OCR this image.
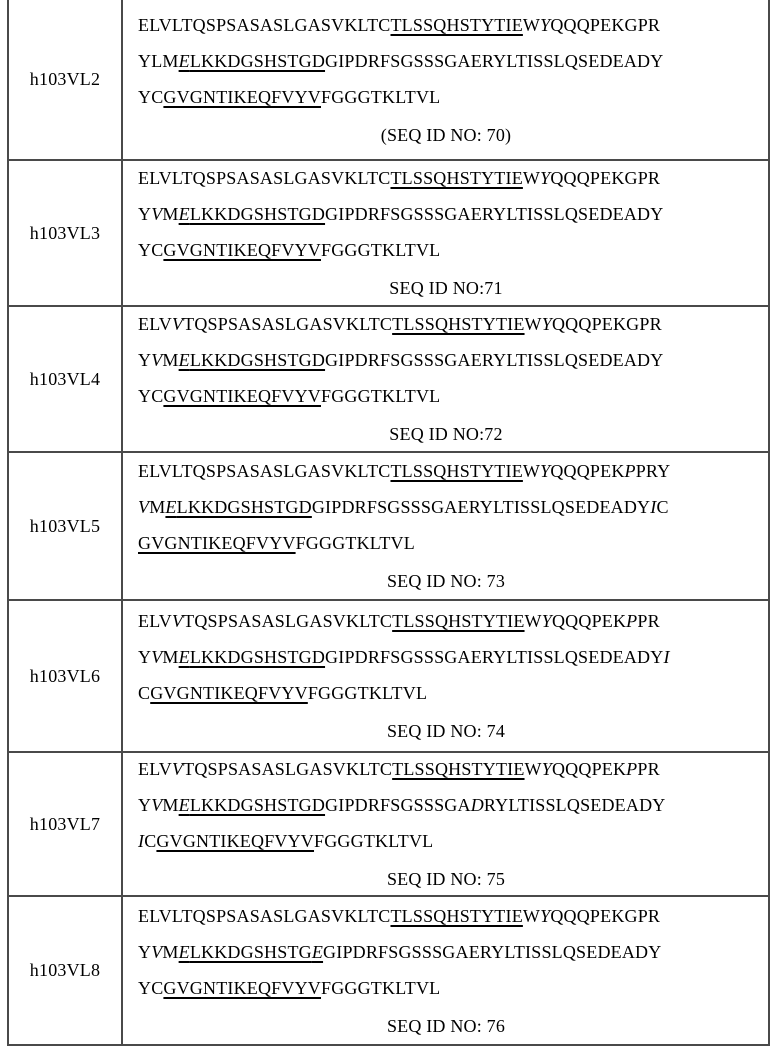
h103VL2
ELVLTQSPSASASLGASVKLTCTLSSQHSTYTIEWYQQQPEKGPR
YLMELKKDGSHSTGDGIPDRFSGSSSGAERYLTISSLQSEDEADY
YCGVGNTIKEQFVYVFGGGTKLTVL
(SEQ ID NO: 70)
h103VL3
ELVLTQSPSASASLGASVKLTCTLSSQHSTYTIEWYQQQPEKGPR
YVMELKKDGSHSTGDGIPDRFSGSSSGAERYLTISSLQSEDEADY
YCGVGNTIKEQFVYVFGGGTKLTVL
SEQ ID NO:71
h103VL4
ELVVTQSPSASASLGASVKLTCTLSSQHSTYTIEWYQQQPEKGPR
YVMELKKDGSHSTGDGIPDRFSGSSSGAERYLTISSLQSEDEADY
YCGVGNTIKEQFVYVFGGGTKLTVL
SEQ ID NO:72
h103VL5
ELVLTQSPSASASLGASVKLTCTLSSQHSTYTIEWYQQQPEKPPRY
VMELKKDGSHSTGDGIPDRFSGSSSGAERYLTISSLQSEDEADYIC
GVGNTIKEQFVYVFGGGTKLTVL
SEQ ID NO: 73
h103VL6
ELVVTQSPSASASLGASVKLTCTLSSQHSTYTIEWYQQQPEKPPR
YVMELKKDGSHSTGDGIPDRFSGSSSGAERYLTISSLQSEDEADYI
CGVGNTIKEQFVYVFGGGTKLTVL
SEQ ID NO: 74
h103VL7
ELVVTQSPSASASLGASVKLTCTLSSQHSTYTIEWYQQQPEKPPR
YVMELKKDGSHSTGDGIPDRFSGSSSGADRYLTISSLQSEDEADY
ICGVGNTIKEQFVYVFGGGTKLTVL
SEQ ID NO: 75
h103VL8
ELVLTQSPSASASLGASVKLTCTLSSQHSTYTIEWYQQQPEKGPR
YVMELKKDGSHSTGEGIPDRFSGSSSGAERYLTISSLQSEDEADY
YCGVGNTIKEQFVYVFGGGTKLTVL
SEQ ID NO: 76
